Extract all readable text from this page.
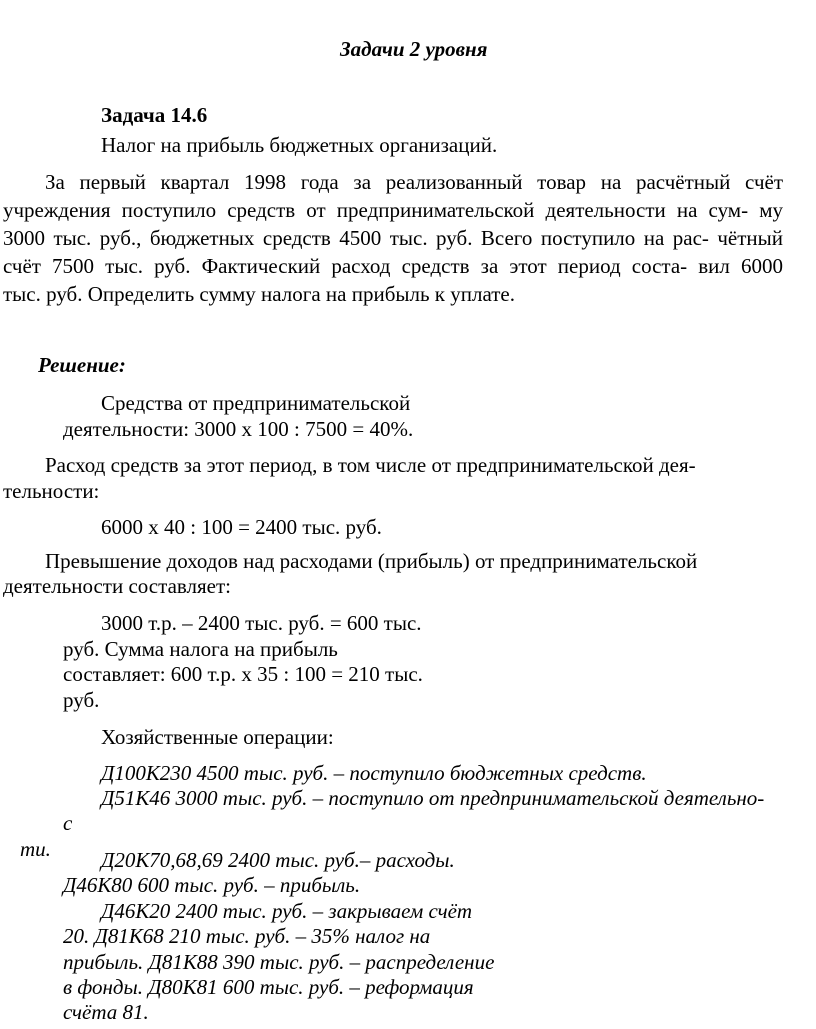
Задачи 2 уровня
Задача 14.6
Налог на прибыль бюджетных организаций.
За первый квартал 1998 года за реализованный товар на расчётный счёт
учреждения поступило средств от предпринимательской деятельности на сум- му
3000 тыс. руб., бюджетных средств 4500 тыс. руб. Всего поступило на рас- чётный
счёт 7500 тыс. руб. Фактический расход средств за этот период соста- вил 6000
тыс. руб. Определить сумму налога на прибыль к уплате.
Решение:
Средства от предпринимательской
деятельности: 3000 х 100 : 7500 = 40%.
Расход средств за этот период, в том числе от предпринимательской дея-
тельности:
6000 х 40 : 100 = 2400 тыс. руб.
Превышение доходов над расходами (прибыль) от предпринимательской
деятельности составляет:
3000 т.р. – 2400 тыс. руб. = 600 тыс.
руб. Сумма налога на прибыль
составляет: 600 т.р. х 35 : 100 = 210 тыс.
руб.
Хозяйственные операции:
Д100К230 4500 тыс. руб. – поступило бюджетных средств.
Д51К46 3000 тыс. руб. – поступило от предпринимательской деятельно-
с
ти. Д20К70,68,69 2400 тыс. руб.– расходы.
Д46К80 600 тыс. руб. – прибыль.
Д46К20 2400 тыс. руб. – закрываем счёт
20. Д81К68 210 тыс. руб. – 35% налог на
прибыль. Д81К88 390 тыс. руб. – распределение
в фонды. Д80К81 600 тыс. руб. – реформация
счёта 81.
